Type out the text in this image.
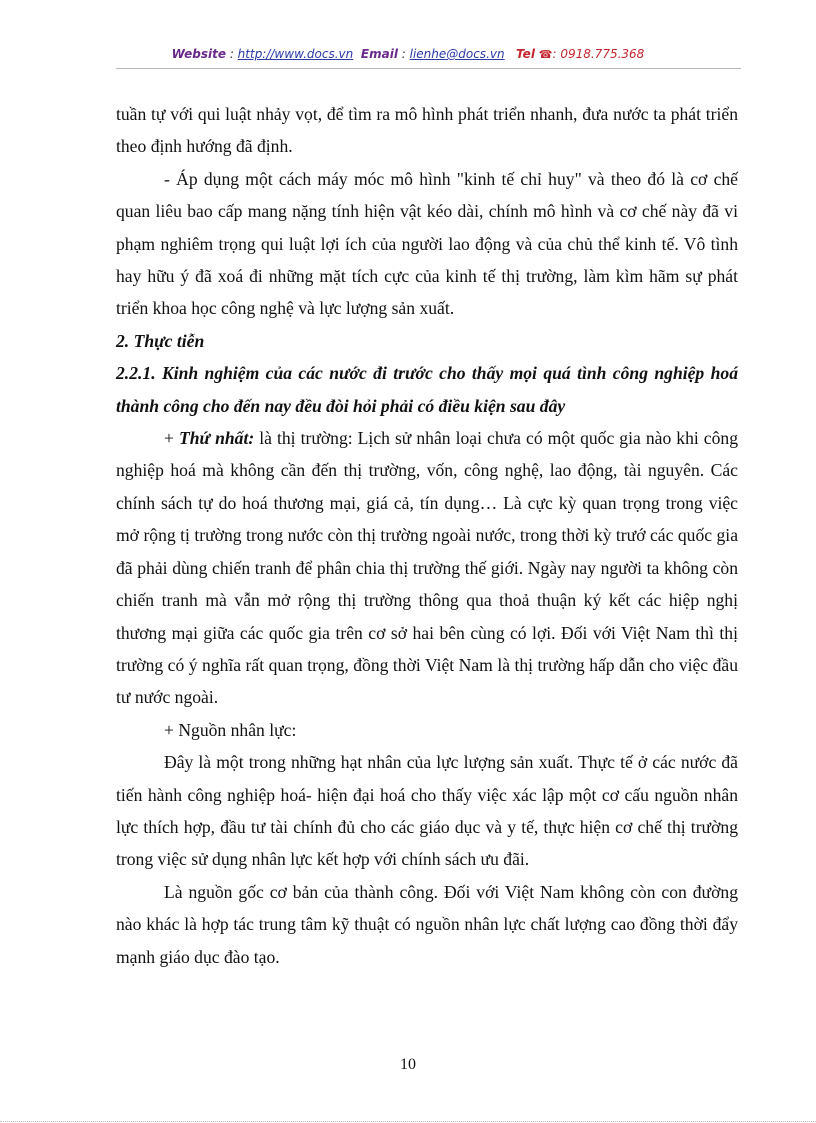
Website : http://www.docs.vn Email : lienhe@docs.vn Tel ☎: 0918.775.368

tuần tự với qui luật nhảy vọt, để tìm ra mô hình phát triển nhanh, đưa nước ta phát triển theo định hướng đã định.

- Áp dụng một cách máy móc mô hình "kinh tế chỉ huy" và theo đó là cơ chế quan liêu bao cấp mang nặng tính hiện vật kéo dài, chính mô hình và cơ chế này đã vi phạm nghiêm trọng qui luật lợi ích của người lao động và của chủ thể kinh tế. Vô tình hay hữu ý đã xoá đi những mặt tích cực của kinh tế thị trường, làm kìm hãm sự phát triển khoa học công nghệ và lực lượng sản xuất.

2. Thực tiễn

2.2.1. Kinh nghiệm của các nước đi trước cho thấy mọi quá tình công nghiệp hoá thành công cho đến nay đều đòi hỏi phải có điều kiện sau đây

+ Thứ nhất: là thị trường: Lịch sử nhân loại chưa có một quốc gia nào khi công nghiệp hoá mà không cần đến thị trường, vốn, công nghệ, lao động, tài nguyên. Các chính sách tự do hoá thương mại, giá cả, tín dụng… Là cực kỳ quan trọng trong việc mở rộng tị trường trong nước còn thị trường ngoài nước, trong thời kỳ trướ các quốc gia đã phải dùng chiến tranh để phân chia thị trường thế giới. Ngày nay người ta không còn chiến tranh mà vẫn mở rộng thị trường thông qua thoả thuận ký kết các hiệp nghị thương mại giữa các quốc gia trên cơ sở hai bên cùng có lợi. Đối với Việt Nam thì thị trường có ý nghĩa rất quan trọng, đồng thời Việt Nam là thị trường hấp dẫn cho việc đầu tư nước ngoài.

+ Nguồn nhân lực:

Đây là một trong những hạt nhân của lực lượng sản xuất. Thực tế ở các nước đã tiến hành công nghiệp hoá- hiện đại hoá cho thấy việc xác lập một cơ cấu nguồn nhân lực thích hợp, đầu tư tài chính đủ cho các giáo dục và y tế, thực hiện cơ chế thị trường trong việc sử dụng nhân lực kết hợp với chính sách ưu đãi.

Là nguồn gốc cơ bản của thành công. Đối với Việt Nam không còn con đường nào khác là hợp tác trung tâm kỹ thuật có nguồn nhân lực chất lượng cao đồng thời đẩy mạnh giáo dục đào tạo.

10
